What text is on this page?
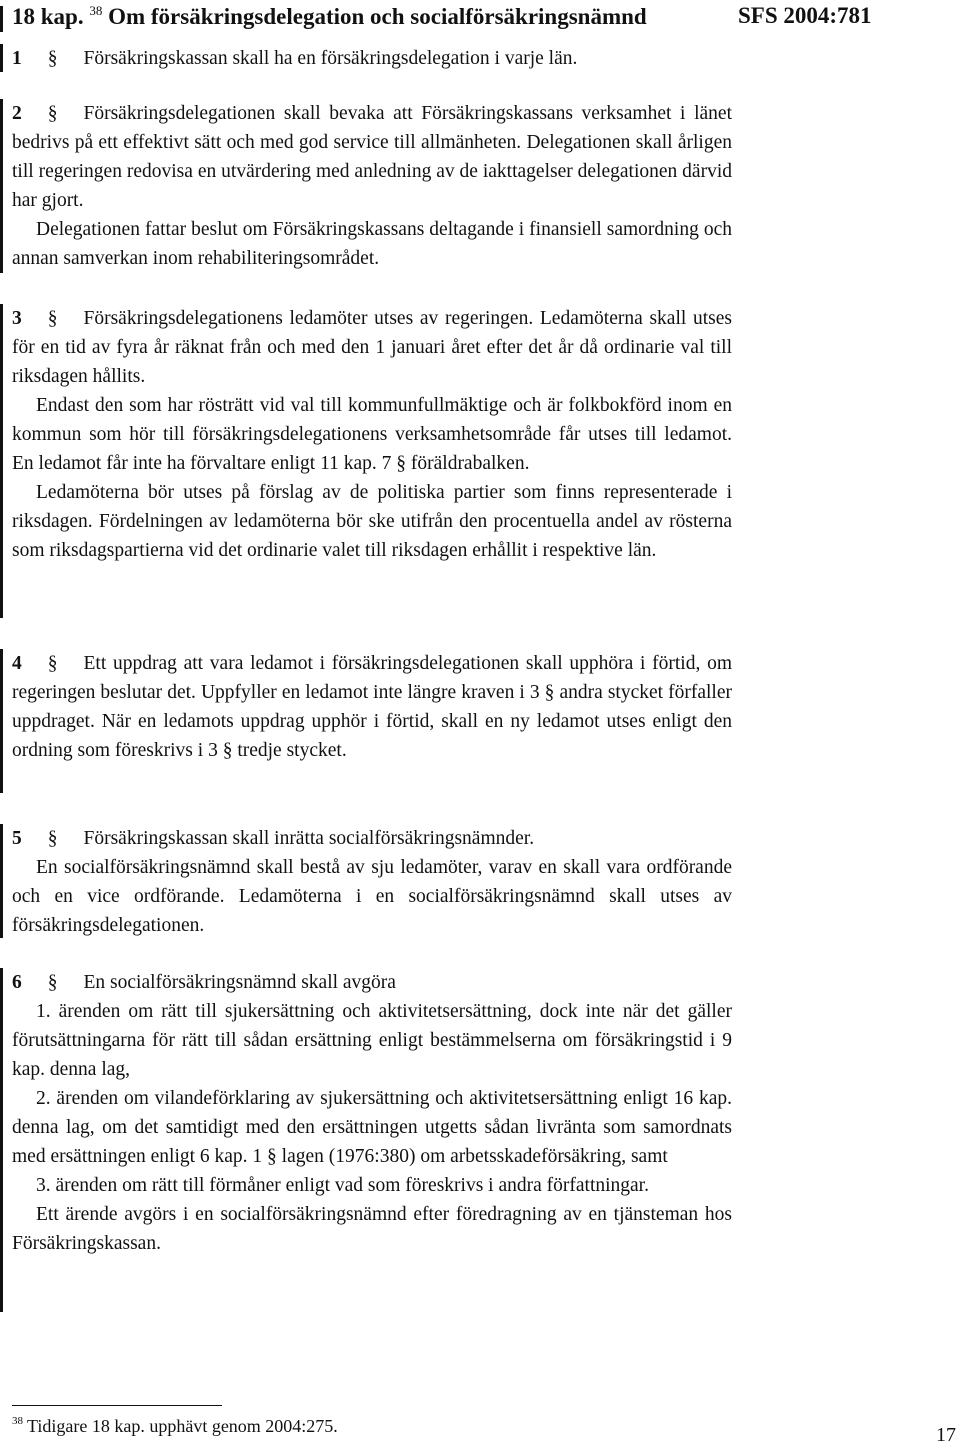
18 kap. $^{38}$ Om försäkringsdelegation och socialförsäkringsnämnd	SFS 2004:781

1 § Försäkringskassan skall ha en försäkringsdelegation i varje län.

2 § Försäkringsdelegationen skall bevaka att Försäkringskassans verksamhet i länet bedrivs på ett effektivt sätt och med god service till allmänheten. Delegationen skall årligen till regeringen redovisa en utvärdering med anledning av de iakttagelser delegationen därvid har gjort.

Delegationen fattar beslut om Försäkringskassans deltagande i finansiell samordning och annan samverkan inom rehabiliteringsområdet.

3 § Försäkringsdelegationens ledamöter utses av regeringen. Ledamöterna skall utses för en tid av fyra år räknat från och med den 1 januari året efter det år då ordinarie val till riksdagen hållits.

Endast den som har rösträtt vid val till kommunfullmäktige och är folkbokförd inom en kommun som hör till försäkringsdelegationens verksamhetsområde får utses till ledamot. En ledamot får inte ha förvaltare enligt 11 kap. 7 § föräldrabalken.

Ledamöterna bör utses på förslag av de politiska partier som finns representerade i riksdagen. Fördelningen av ledamöterna bör ske utifrån den procentuella andel av rösterna som riksdagspartierna vid det ordinarie valet till riksdagen erhållit i respektive län.

4 § Ett uppdrag att vara ledamot i försäkringsdelegationen skall upphöra i förtid, om regeringen beslutar det. Uppfyller en ledamot inte längre kraven i 3 § andra stycket förfaller uppdraget. När en ledamots uppdrag upphör i förtid, skall en ny ledamot utses enligt den ordning som föreskrivs i 3 § tredje stycket.

5 § Försäkringskassan skall inrätta socialförsäkringsnämnder.

En socialförsäkringsnämnd skall bestå av sju ledamöter, varav en skall vara ordförande och en vice ordförande. Ledamöterna i en socialförsäkringsnämnd skall utses av försäkringsdelegationen.

6 § En socialförsäkringsnämnd skall avgöra

1. ärenden om rätt till sjukersättning och aktivitetsersättning, dock inte när det gäller förutsättningarna för rätt till sådan ersättning enligt bestämmelserna om försäkringstid i 9 kap. denna lag,

2. ärenden om vilandeförklaring av sjukersättning och aktivitetsersättning enligt 16 kap. denna lag, om det samtidigt med den ersättningen utgetts sådan livränta som samordnats med ersättningen enligt 6 kap. 1 § lagen (1976:380) om arbetsskadeförsäkring, samt

3. ärenden om rätt till förmåner enligt vad som föreskrivs i andra författningar.

Ett ärende avgörs i en socialförsäkringsnämnd efter föredragning av en tjänsteman hos Försäkringskassan.

$^{38}$ Tidigare 18 kap. upphävt genom 2004:275.	17
